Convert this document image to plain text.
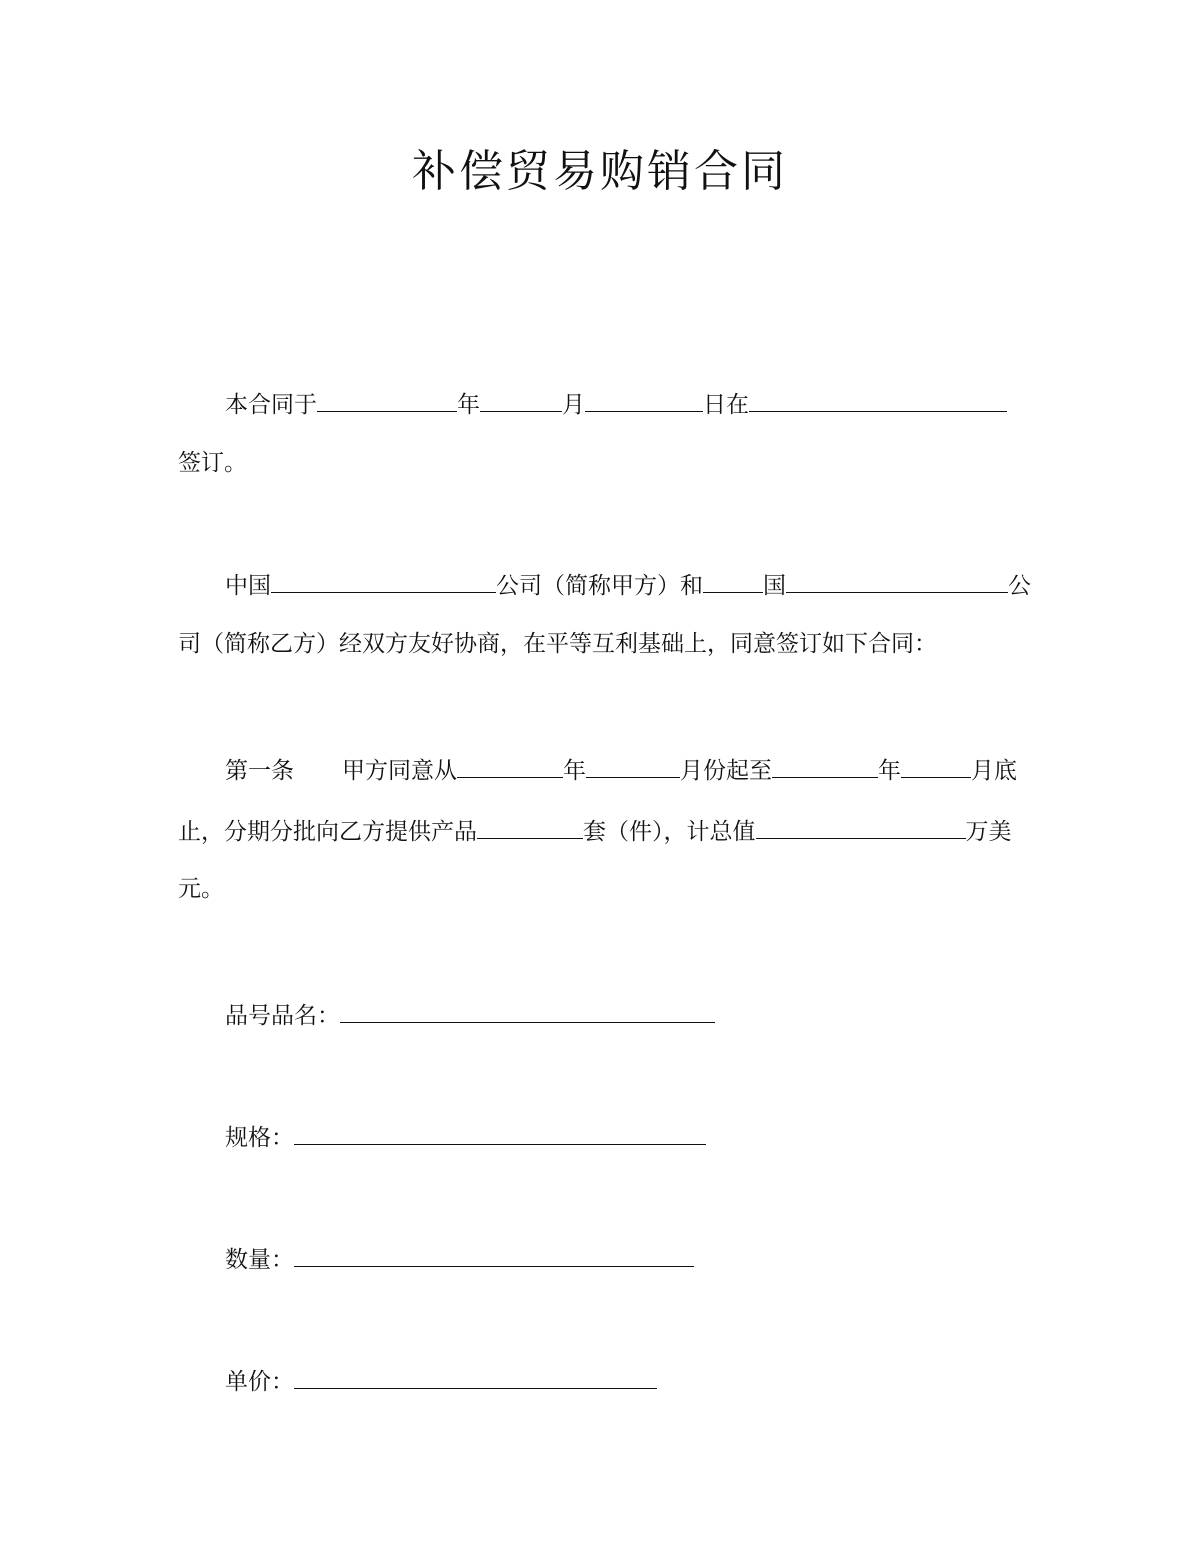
补偿贸易购销合同
本合同于	年	月	日在
签订。
中国	公司（简称甲方）和	国	公
司（简称乙方）经双方友好协商，在平等互利基础上，同意签订如下合同：
第一条 甲方同意从	年	月份起至	年	月底
止，分期分批向乙方提供产品	套（件），计总值	万美
元。
品号品名：
规格：
数量：
单价：
